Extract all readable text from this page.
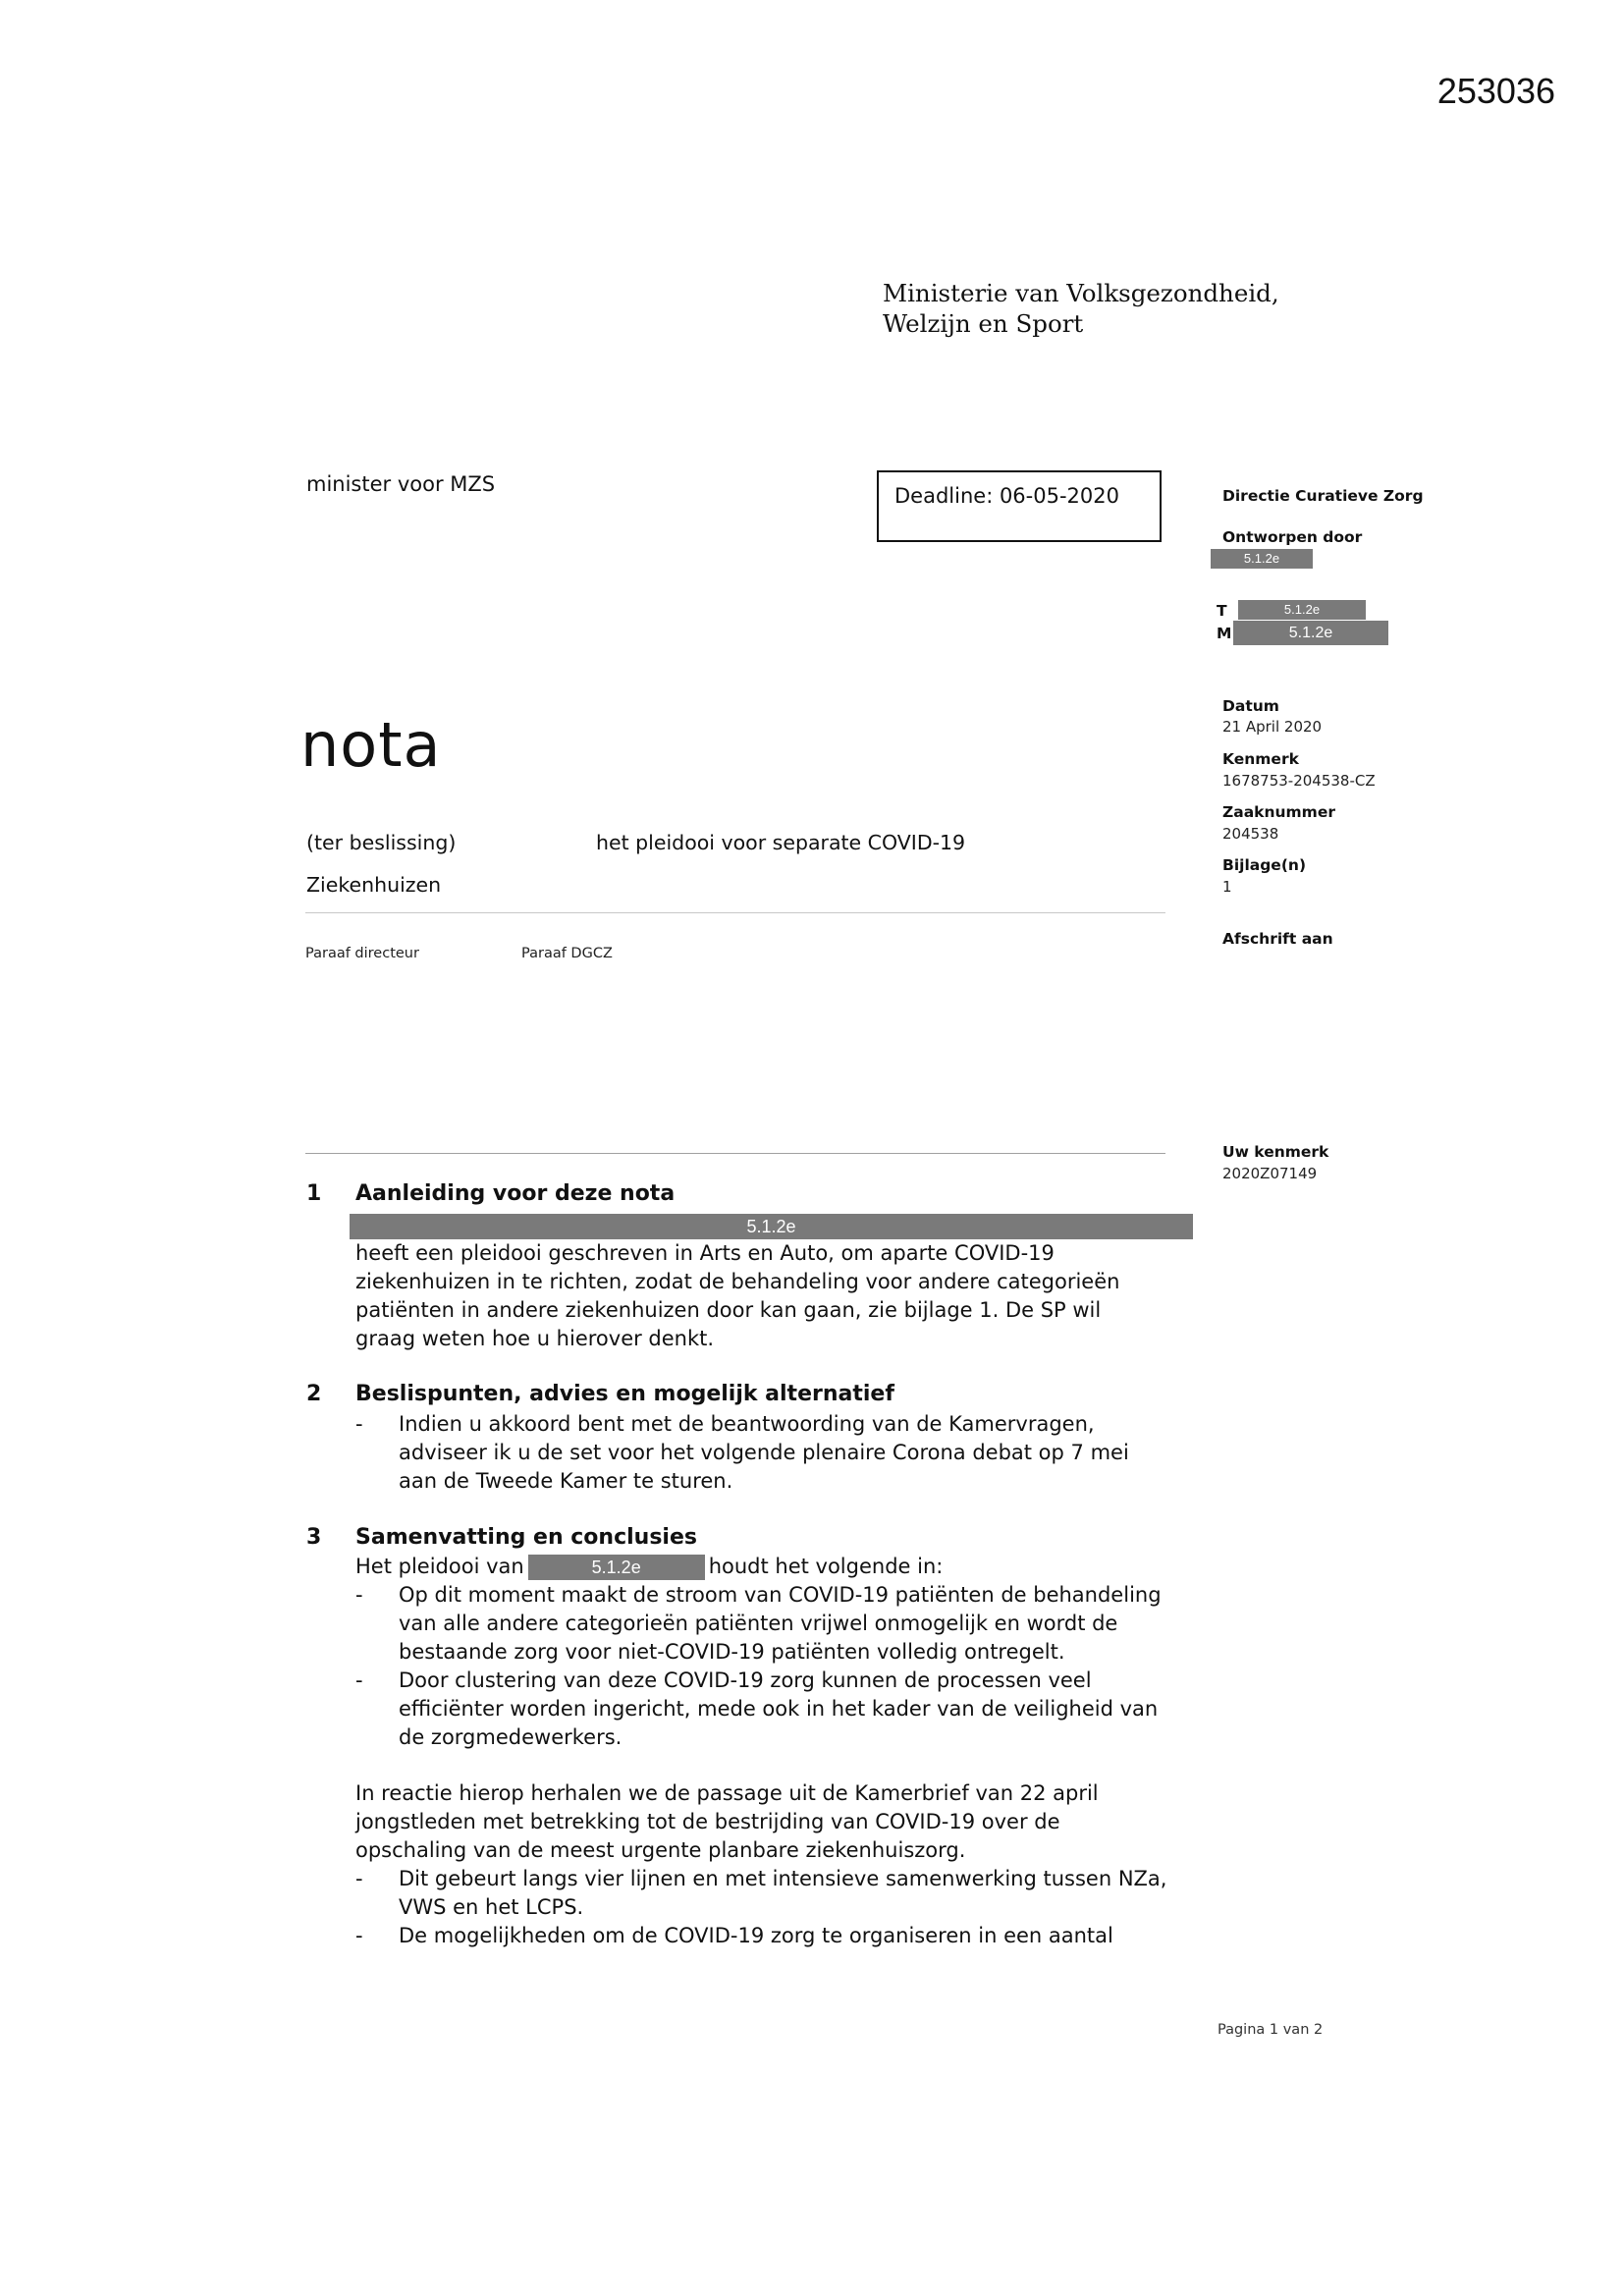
253036
Ministerie van Volksgezondheid,
Welzijn en Sport
minister voor MZS	Deadline: 06-05-2020
nota
(ter beslissing)	het pleidooi voor separate COVID-19
Ziekenhuizen
Paraaf directeur	Paraaf DGCZ
Directie Curatieve Zorg
Ontworpen door
5.1.2e
T	5.1.2e
M	5.1.2e
Datum
21 April 2020
Kenmerk
1678753-204538-CZ
Zaaknummer
204538
Bijlage(n)
1
Afschrift aan
Uw kenmerk
2020Z07149
1 Aanleiding voor deze nota
5.1.2e

heeft een pleidooi geschreven in Arts en Auto, om aparte COVID-19

ziekenhuizen in te richten, zodat de behandeling voor andere categorieën

patiënten in andere ziekenhuizen door kan gaan, zie bijlage 1. De SP wil

graag weten hoe u hierover denkt.

2 Beslispunten, advies en mogelijk alternatief
- Indien u akkoord bent met de beantwoording van de Kamervragen,

adviseer ik u de set voor het volgende plenaire Corona debat op 7 mei

aan de Tweede Kamer te sturen.

3 Samenvatting en conclusies

Het pleidooi van	5.1.2e	houdt het volgende in:

- Op dit moment maakt de stroom van COVID-19 patiënten de behandeling

van alle andere categorieën patiënten vrijwel onmogelijk en wordt de

bestaande zorg voor niet-COVID-19 patiënten volledig ontregelt.

- Door clustering van deze COVID-19 zorg kunnen de processen veel

efficiënter worden ingericht, mede ook in het kader van de veiligheid van

de zorgmedewerkers.

In reactie hierop herhalen we de passage uit de Kamerbrief van 22 april

jongstleden met betrekking tot de bestrijding van COVID-19 over de

opschaling van de meest urgente planbare ziekenhuiszorg.

- Dit gebeurt langs vier lijnen en met intensieve samenwerking tussen NZa,

VWS en het LCPS.

- De mogelijkheden om de COVID-19 zorg te organiseren in een aantal

Pagina 1 van 2
